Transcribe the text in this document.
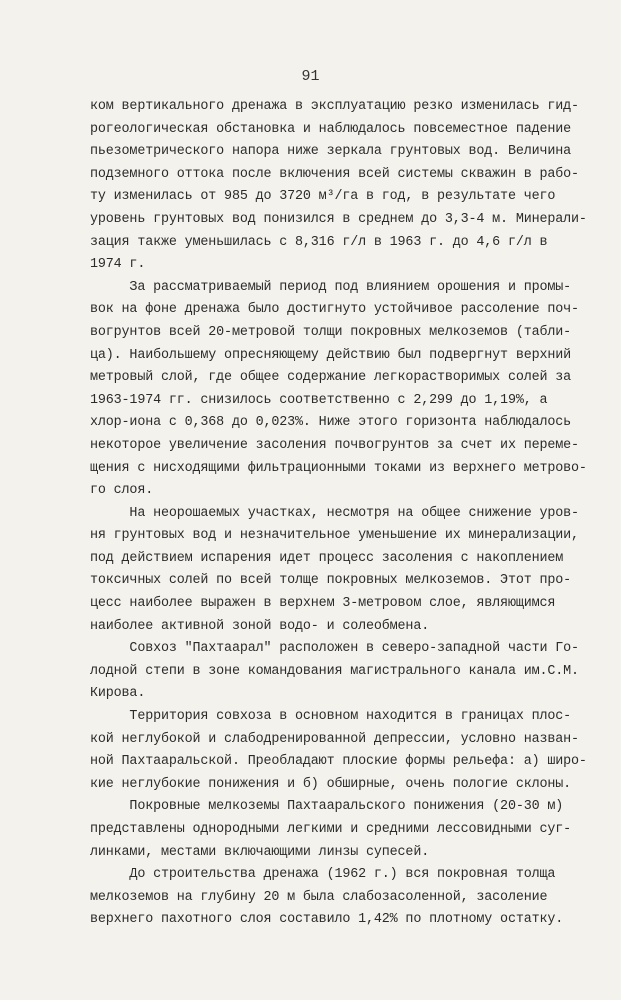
91
ком вертикального дренажа в эксплуатацию резко изменилась гид-
рогеологическая обстановка и наблюдалось повсеместное падение
пьезометрического напора ниже зеркала грунтовых вод. Величина
подземного оттока после включения всей системы скважин в рабо-
ту изменилась от 985 до 3720 м³/га в год, в результате чего
уровень грунтовых вод понизился в среднем до 3,3-4 м. Минерали-
зация также уменьшилась с 8,316 г/л в 1963 г. до 4,6 г/л в
1974 г.
За рассматриваемый период под влиянием орошения и промы-
вок на фоне дренажа было достигнуто устойчивое рассоление поч-
вогрунтов всей 20-метровой толщи покровных мелкоземов (табли-
ца). Наибольшему опресняющему действию был подвергнут верхний
метровый слой, где общее содержание легкорастворимых солей за
1963-1974 гг. снизилось соответственно с 2,299 до 1,19%, а
хлор-иона с 0,368 до 0,023%. Ниже этого горизонта наблюдалось
некоторое увеличение засоления почвогрунтов за счет их переме-
щения с нисходящими фильтрационными токами из верхнего метрово-
го слоя.
На неорошаемых участках, несмотря на общее снижение уров-
ня грунтовых вод и незначительное уменьшение их минерализации,
под действием испарения идет процесс засоления с накоплением
токсичных солей по всей толще покровных мелкоземов. Этот про-
цесс наиболее выражен в верхнем 3-метровом слое, являющимся
наиболее активной зоной водо- и солеобмена.
Совхоз "Пахтаарал" расположен в северо-западной части Го-
лодной степи в зоне командования магистрального канала им.С.М.
Кирова.
Территория совхоза в основном находится в границах плос-
кой неглубокой и слабодренированной депрессии, условно назван-
ной Пахтааральской. Преобладают плоские формы рельефа: а) широ-
кие неглубокие понижения и б) обширные, очень пологие склоны.
Покровные мелкоземы Пахтааральского понижения (20-30 м)
представлены однородными легкими и средними лессовидными суг-
линками, местами включающими линзы супесей.
До строительства дренажа (1962 г.) вся покровная толща
мелкоземов на глубину 20 м была слабозасоленной, засоление
верхнего пахотного слоя составило 1,42% по плотному остатку.
